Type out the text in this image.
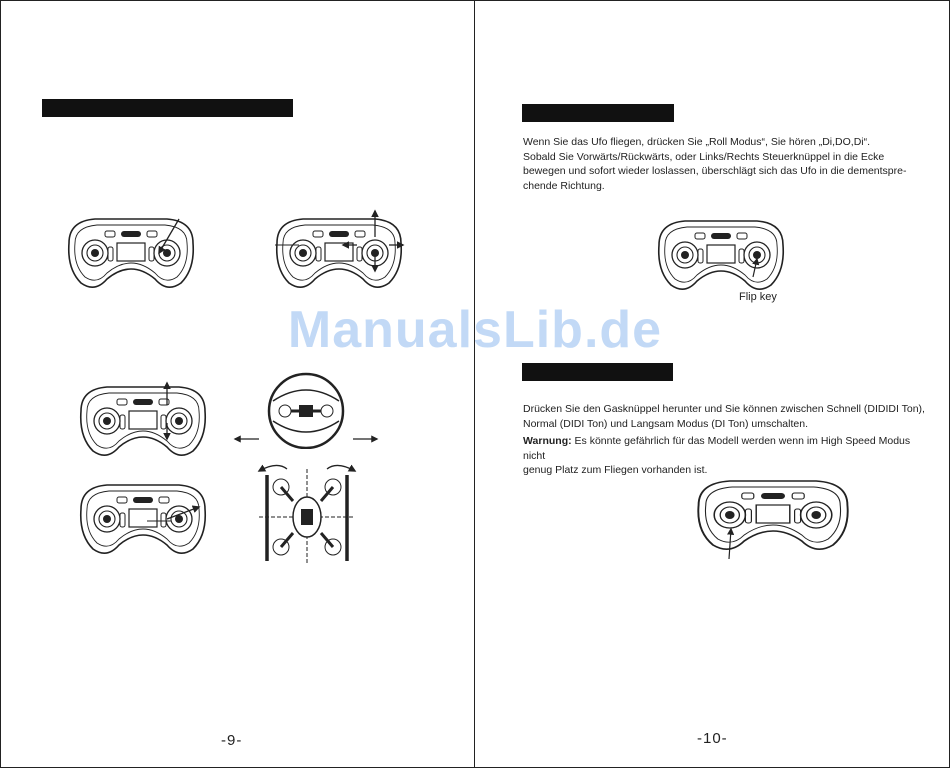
-9-
Wenn Sie das Ufo fliegen, drücken Sie „Roll Modus“, Sie hören „Di,DO,Di“.
Sobald Sie Vorwärts/Rückwärts, oder Links/Rechts Steuerknüppel in die Ecke
bewegen und sofort wieder loslassen, überschlägt sich das Ufo in die dementspre-
chende Richtung.
Flip key
Drücken Sie den Gasknüppel herunter und Sie können zwischen Schnell (DIDIDI Ton),
Normal (DIDI Ton) und Langsam Modus (DI Ton) umschalten.
Warnung: Es könnte gefährlich für das Modell werden wenn im High Speed Modus nicht
genug Platz zum Fliegen vorhanden ist.
-10-
ManualsLib.de
